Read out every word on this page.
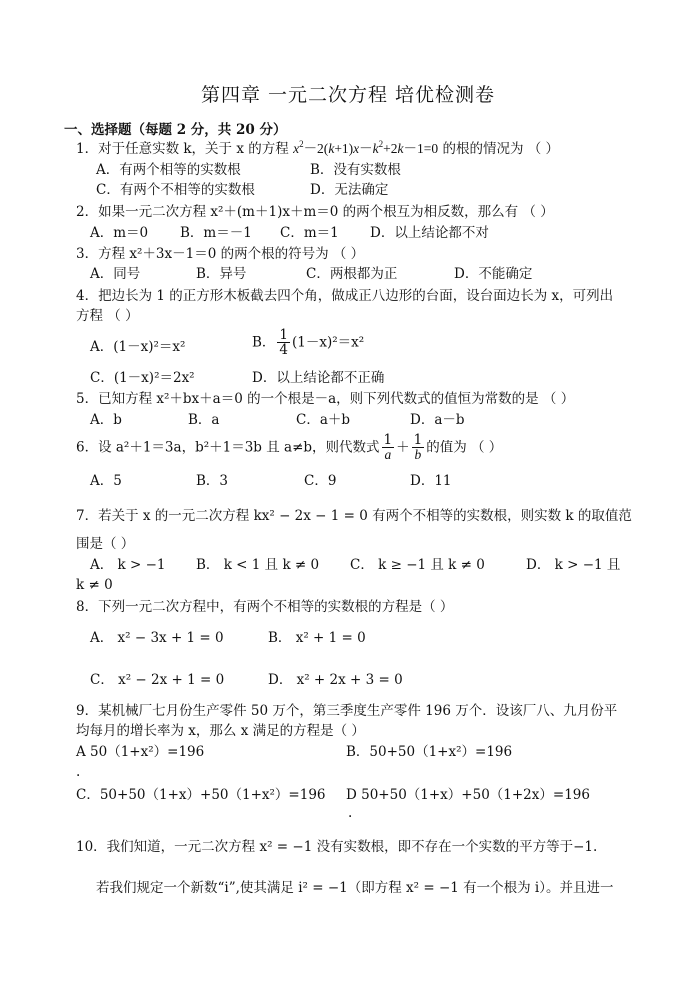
第四章 一元二次方程 培优检测卷
一、选择题（每题 2 分，共 20 分）
1．对于任意实数 k，关于 x 的方程 $x^2-2(k+1)x-k^2+2k-1=0$ 的根的情况为 （ ）
A．有两个相等的实数根	B．没有实数根
C．有两个不相等的实数根	D．无法确定
2．如果一元二次方程 x²＋(m＋1)x＋m＝0 的两个根互为相反数，那么有 （ ）
A．m＝0 B．m＝－1 C．m＝1 D．以上结论都不对
3．方程 x²＋3x－1＝0 的两个根的符号为 （ ）
A．同号	B．异号	C．两根都为正	D．不能确定
4．把边长为 1 的正方形木板截去四个角，做成正八边形的台面，设台面边长为 x，可列出
方程 （ ）
A．(1－x)²＝x²	B． $\frac{1}{4} (1-x)^2=x^2$
C．(1－x)²＝2x²	D．以上结论都不正确
5．已知方程 x²＋bx＋a＝0 的一个根是－a，则下列代数式的值恒为常数的是 （ ）
A．b	B．a	C．a＋b	D．a－b
6．设 a²＋1＝3a，b²＋1＝3b 且 a≠b，则代数式 $\frac{1}{a} + \frac{1}{b}$ 的值为 （ ）
A．5	B．3	C．9	D．11
7．若关于 x 的一元二次方程 kx² − 2x − 1 = 0 有两个不相等的实数根，则实数 k 的取值范
围是（ ）
A． k > −1 B． k < 1 且 k ≠ 0 C． k ≥ −1 且 k ≠ 0	D． k > −1 且
k ≠ 0
8．下列一元二次方程中，有两个不相等的实数根的方程是（ ）
A． x² − 3x + 1 = 0	B． x² + 1 = 0
C． x² − 2x + 1 = 0	D． x² + 2x + 3 = 0
9．某机械厂七月份生产零件 50 万个，第三季度生产零件 196 万个．设该厂八、九月份平
均每月的增长率为 x，那么 x 满足的方程是（ ）
A 50（1+x²）=196	B．50+50（1+x²）=196
.
C．50+50（1+x）+50（1+x²）=196 D 50+50（1+x）+50（1+2x）=196
.
10．我们知道，一元二次方程 x² = −1 没有实数根，即不存在一个实数的平方等于−1.
若我们规定一个新数“i”,使其满足 i² = −1（即方程 x² = −1 有一个根为 i）。并且进一
